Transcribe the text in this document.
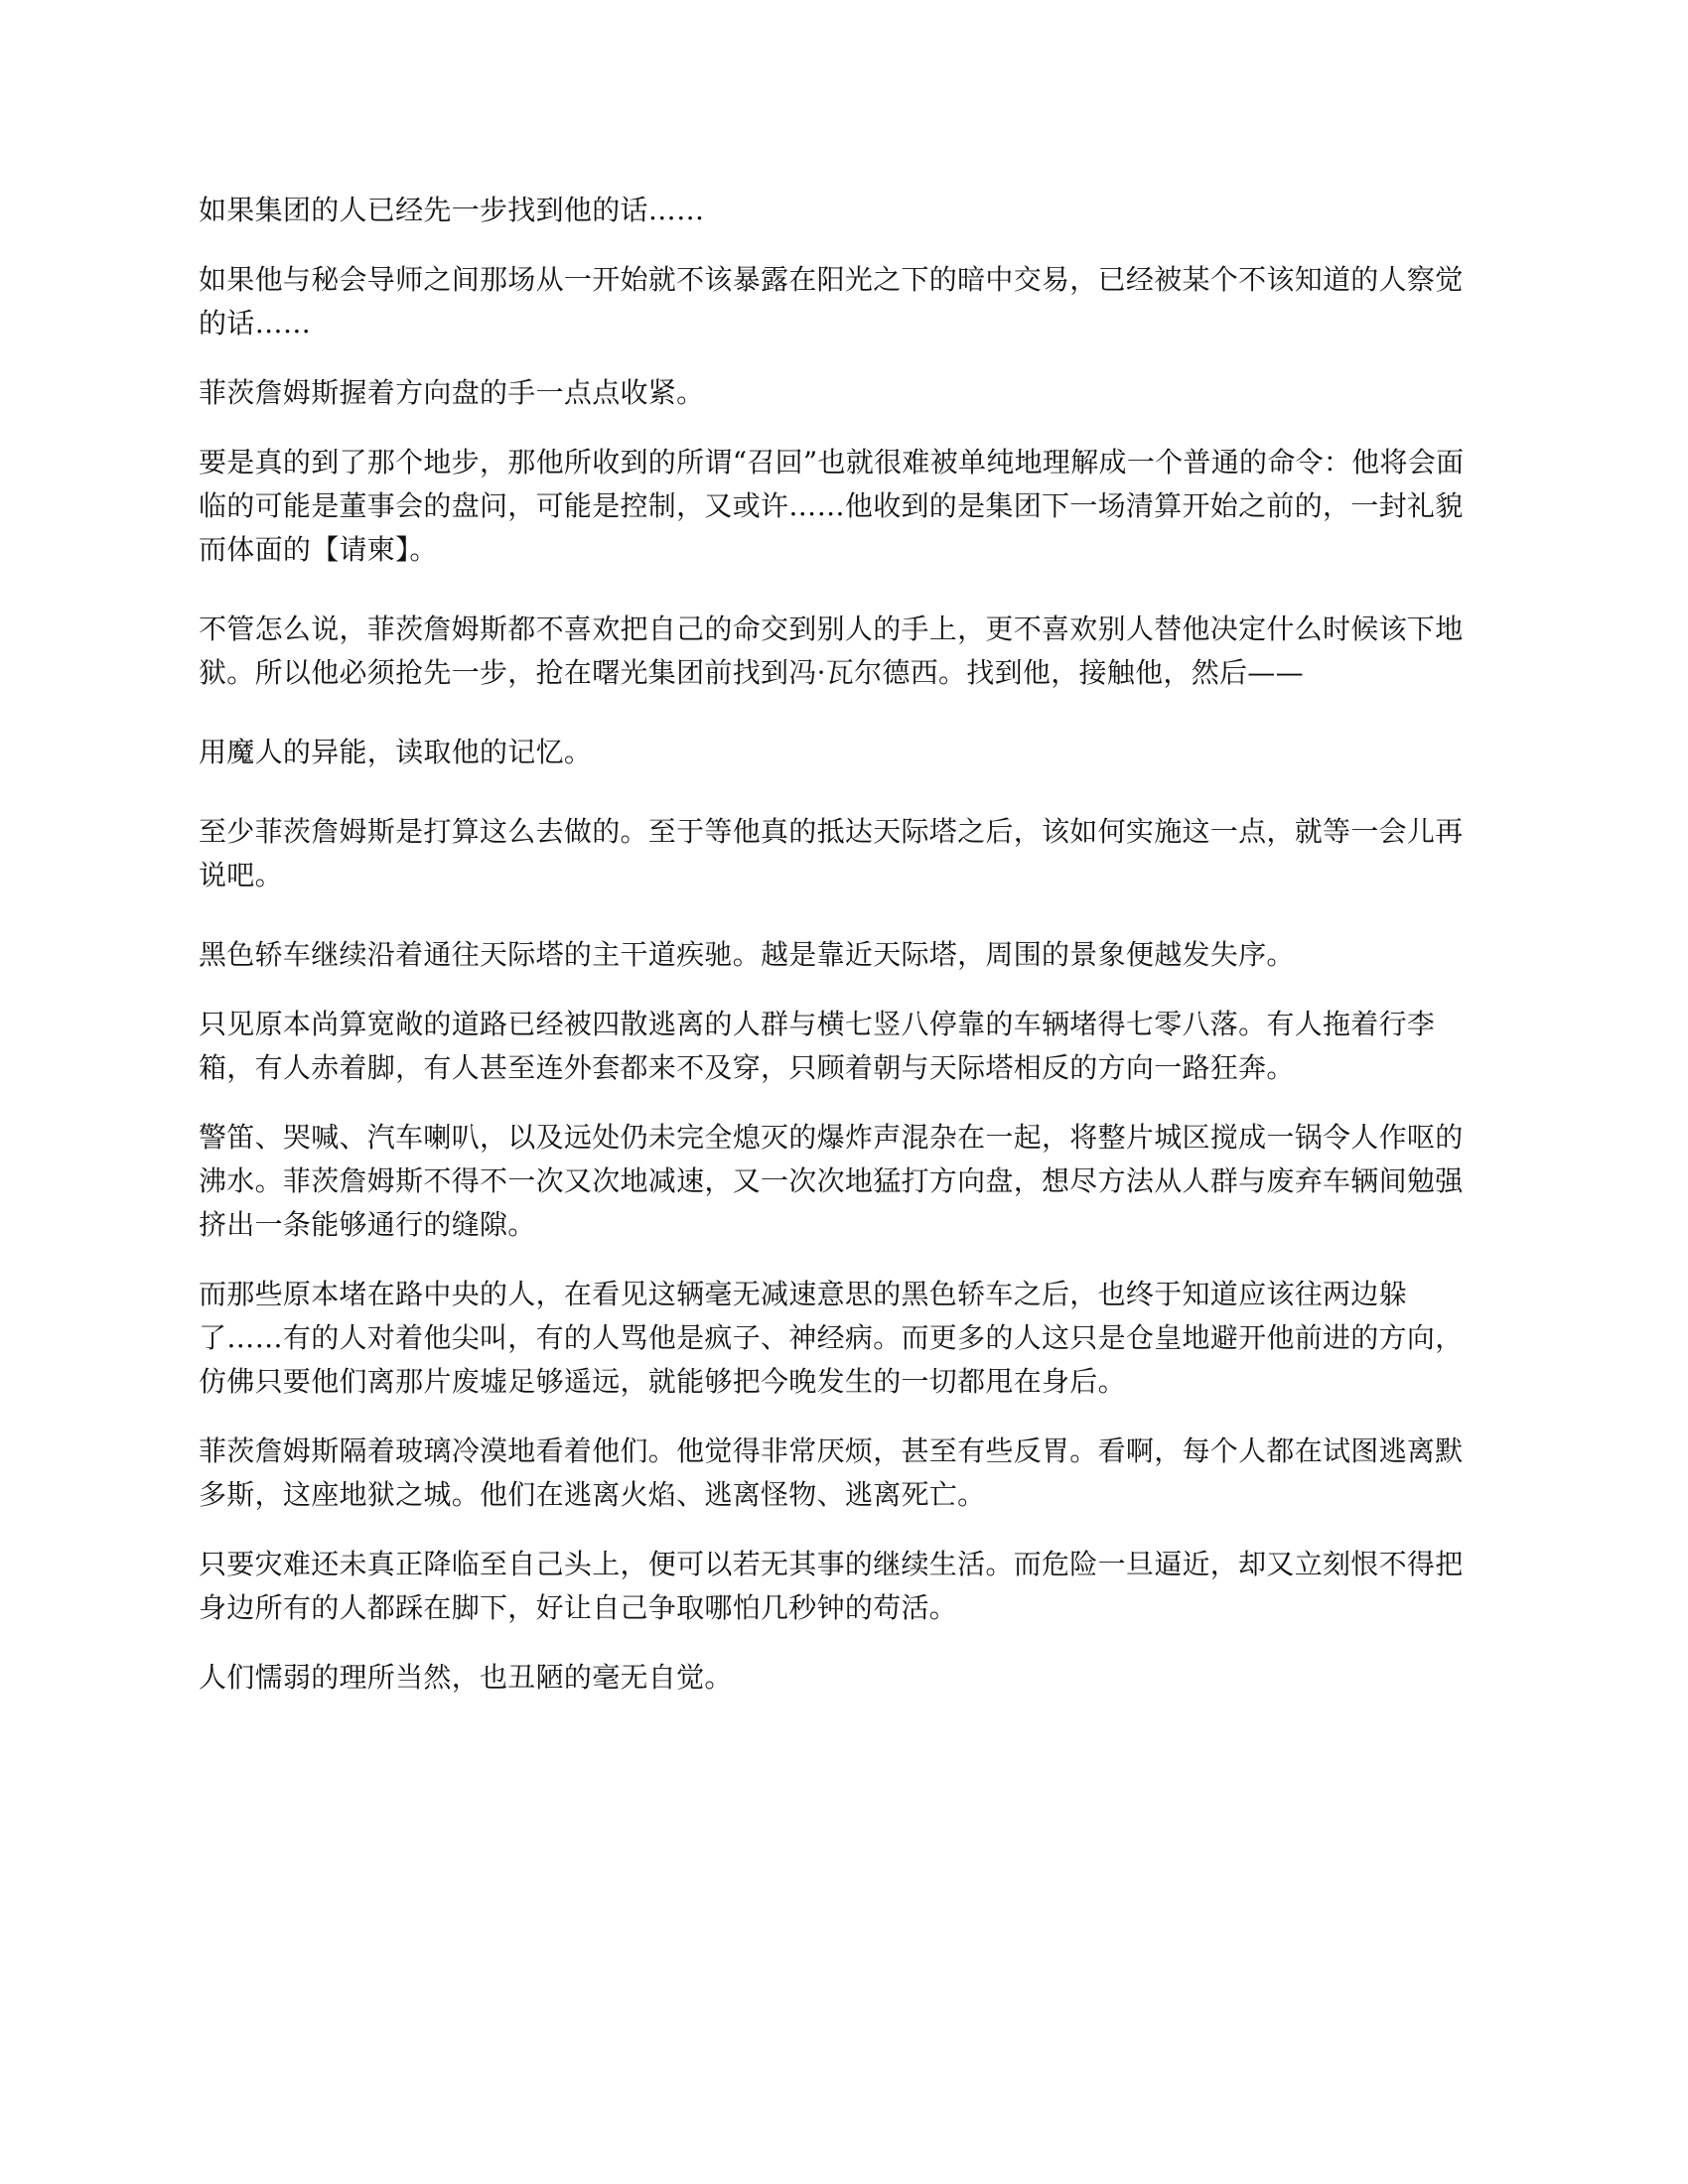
如果集团的人已经先一步找到他的话……

如果他与秘会导师之间那场从一开始就不该暴露在阳光之下的暗中交易，已经被某个不该知道的人察觉的话……

菲茨詹姆斯握着方向盘的手一点点收紧。

要是真的到了那个地步，那他所收到的所谓“召回”也就很难被单纯地理解成一个普通的命令：他将会面临的可能是董事会的盘问，可能是控制，又或许……他收到的是集团下一场清算开始之前的，一封礼貌而体面的【请柬】。

不管怎么说，菲茨詹姆斯都不喜欢把自己的命交到别人的手上，更不喜欢别人替他决定什么时候该下地狱。所以他必须抢先一步，抢在曙光集团前找到冯·瓦尔德西。找到他，接触他，然后——

用魔人的异能，读取他的记忆。

至少菲茨詹姆斯是打算这么去做的。至于等他真的抵达天际塔之后，该如何实施这一点，就等一会儿再说吧。

黑色轿车继续沿着通往天际塔的主干道疾驰。越是靠近天际塔，周围的景象便越发失序。

只见原本尚算宽敞的道路已经被四散逃离的人群与横七竖八停靠的车辆堵得七零八落。有人拖着行李箱，有人赤着脚，有人甚至连外套都来不及穿，只顾着朝与天际塔相反的方向一路狂奔。

警笛、哭喊、汽车喇叭，以及远处仍未完全熄灭的爆炸声混杂在一起，将整片城区搅成一锅令人作呕的沸水。菲茨詹姆斯不得不一次又次地减速，又一次次地猛打方向盘，想尽方法从人群与废弃车辆间勉强挤出一条能够通行的缝隙。

而那些原本堵在路中央的人，在看见这辆毫无减速意思的黑色轿车之后，也终于知道应该往两边躲了……有的人对着他尖叫，有的人骂他是疯子、神经病。而更多的人这只是仓皇地避开他前进的方向，仿佛只要他们离那片废墟足够遥远，就能够把今晚发生的一切都甩在身后。

菲茨詹姆斯隔着玻璃冷漠地看着他们。他觉得非常厌烦，甚至有些反胃。看啊，每个人都在试图逃离默多斯，这座地狱之城。他们在逃离火焰、逃离怪物、逃离死亡。

只要灾难还未真正降临至自己头上，便可以若无其事的继续生活。而危险一旦逼近，却又立刻恨不得把身边所有的人都踩在脚下，好让自己争取哪怕几秒钟的苟活。

人们懦弱的理所当然，也丑陋的毫无自觉。
